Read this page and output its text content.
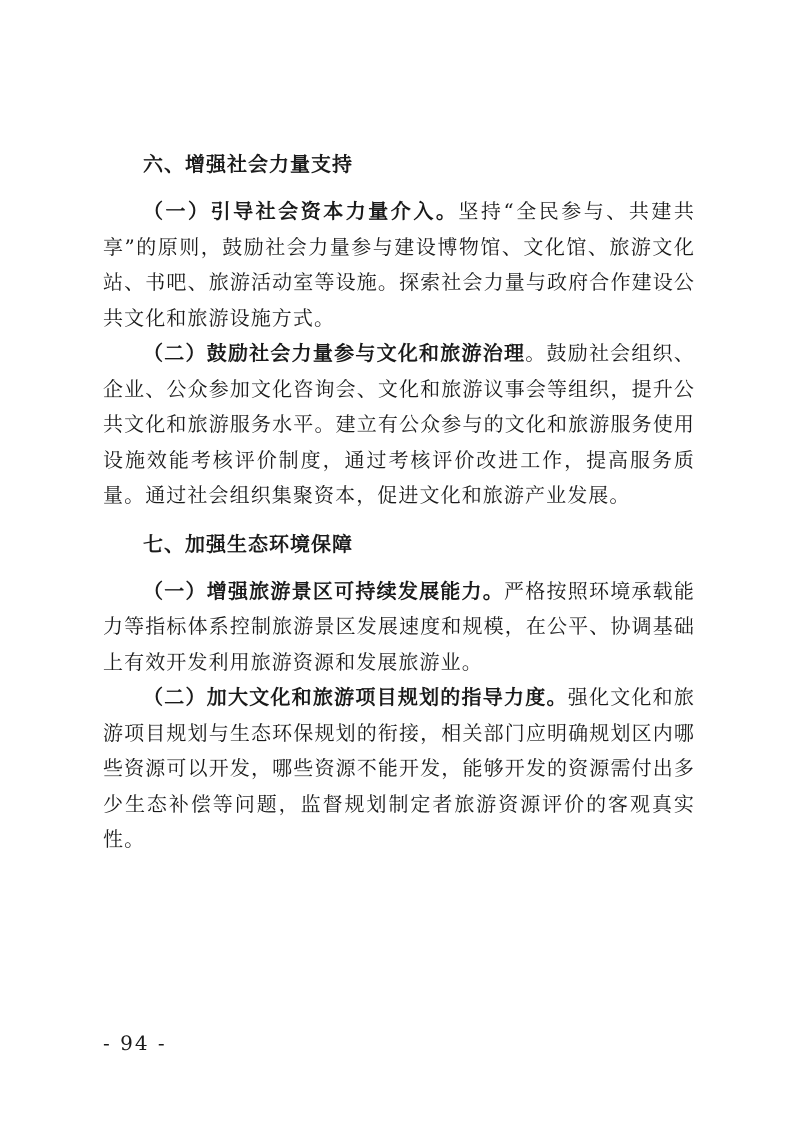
六、增强社会力量支持

（一）引导社会资本力量介入。坚持“全民参与、共建共享”的原则，鼓励社会力量参与建设博物馆、文化馆、旅游文化站、书吧、旅游活动室等设施。探索社会力量与政府合作建设公共文化和旅游设施方式。

（二）鼓励社会力量参与文化和旅游治理。鼓励社会组织、企业、公众参加文化咨询会、文化和旅游议事会等组织，提升公共文化和旅游服务水平。建立有公众参与的文化和旅游服务使用设施效能考核评价制度，通过考核评价改进工作，提高服务质量。通过社会组织集聚资本，促进文化和旅游产业发展。

七、加强生态环境保障

（一）增强旅游景区可持续发展能力。严格按照环境承载能力等指标体系控制旅游景区发展速度和规模，在公平、协调基础上有效开发利用旅游资源和发展旅游业。

（二）加大文化和旅游项目规划的指导力度。强化文化和旅游项目规划与生态环保规划的衔接，相关部门应明确规划区内哪些资源可以开发，哪些资源不能开发，能够开发的资源需付出多少生态补偿等问题，监督规划制定者旅游资源评价的客观真实性。

- 94 -
